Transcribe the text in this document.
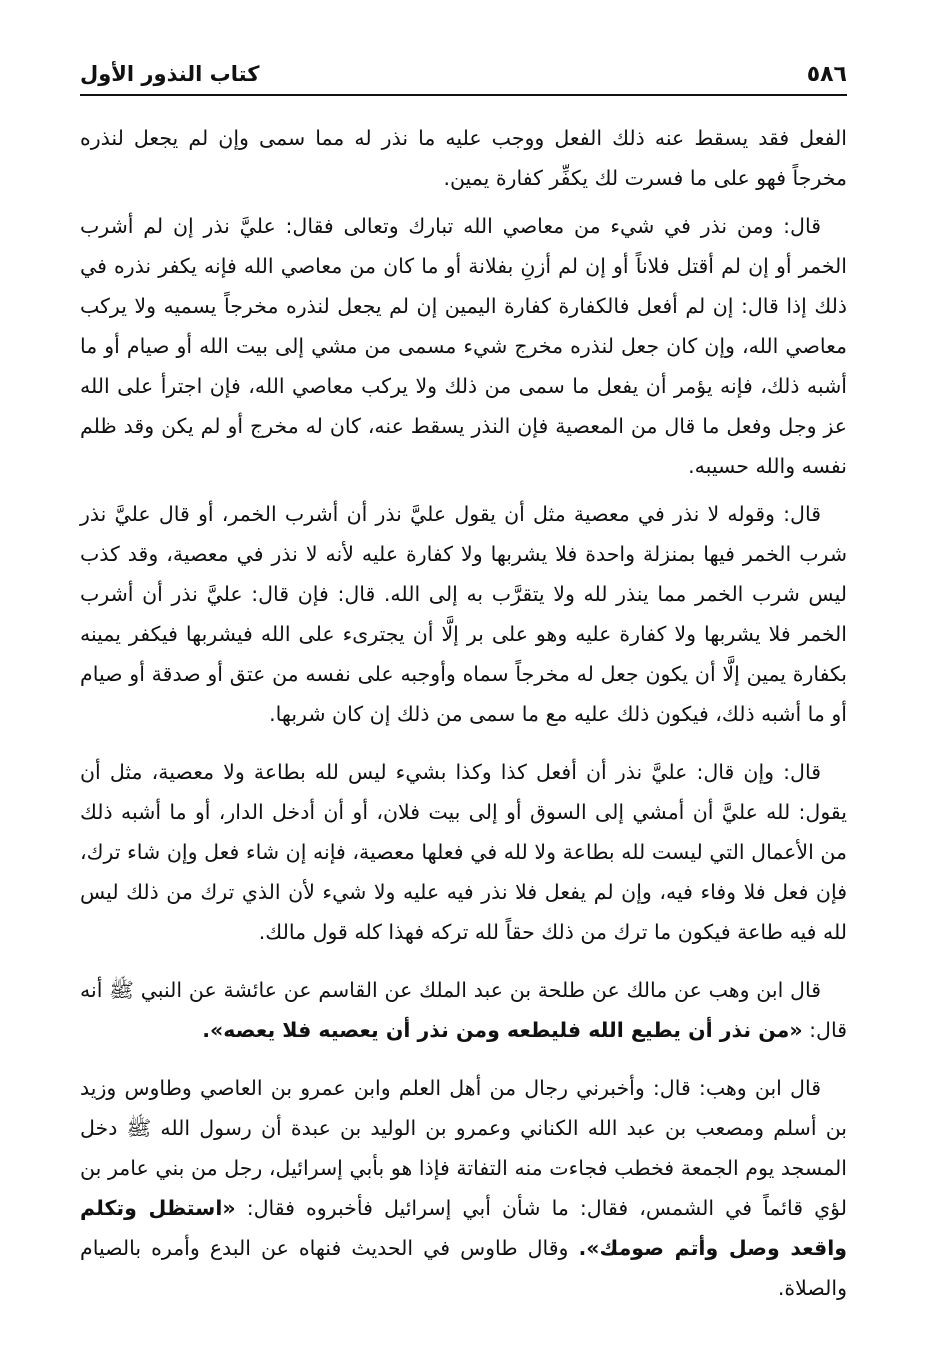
٥٨٦
كتاب النذور الأول

الفعل فقد يسقط عنه ذلك الفعل ووجب عليه ما نذر له مما سمى وإن لم يجعل لنذره مخرجاً فهو على ما فسرت لك يكفِّر كفارة يمين.

قال: ومن نذر في شيء من معاصي الله تبارك وتعالى فقال: عليَّ نذر إن لم أشرب الخمر أو إن لم أقتل فلاناً أو إن لم أزنِ بفلانة أو ما كان من معاصي الله فإنه يكفر نذره في ذلك إذا قال: إن لم أفعل فالكفارة كفارة اليمين إن لم يجعل لنذره مخرجاً يسميه ولا يركب معاصي الله، وإن كان جعل لنذره مخرج شيء مسمى من مشي إلى بيت الله أو صيام أو ما أشبه ذلك، فإنه يؤمر أن يفعل ما سمى من ذلك ولا يركب معاصي الله، فإن اجترأ على الله عز وجل وفعل ما قال من المعصية فإن النذر يسقط عنه، كان له مخرج أو لم يكن وقد ظلم نفسه والله حسيبه.

قال: وقوله لا نذر في معصية مثل أن يقول عليَّ نذر أن أشرب الخمر، أو قال عليَّ نذر شرب الخمر فيها بمنزلة واحدة فلا يشربها ولا كفارة عليه لأنه لا نذر في معصية، وقد كذب ليس شرب الخمر مما ينذر لله ولا يتقرَّب به إلى الله. قال: فإن قال: عليَّ نذر أن أشرب الخمر فلا يشربها ولا كفارة عليه وهو على بر إلَّا أن يجترىء على الله فيشربها فيكفر يمينه بكفارة يمين إلَّا أن يكون جعل له مخرجاً سماه وأوجبه على نفسه من عتق أو صدقة أو صيام أو ما أشبه ذلك، فيكون ذلك عليه مع ما سمى من ذلك إن كان شربها.

قال: وإن قال: عليَّ نذر أن أفعل كذا وكذا بشيء ليس لله بطاعة ولا معصية، مثل أن يقول: لله عليَّ أن أمشي إلى السوق أو إلى بيت فلان، أو أن أدخل الدار، أو ما أشبه ذلك من الأعمال التي ليست لله بطاعة ولا لله في فعلها معصية، فإنه إن شاء فعل وإن شاء ترك، فإن فعل فلا وفاء فيه، وإن لم يفعل فلا نذر فيه عليه ولا شيء لأن الذي ترك من ذلك ليس لله فيه طاعة فيكون ما ترك من ذلك حقاً لله تركه فهذا كله قول مالك.

قال ابن وهب عن مالك عن طلحة بن عبد الملك عن القاسم عن عائشة عن النبي ﷺ أنه قال: «من نذر أن يطيع الله فليطعه ومن نذر أن يعصيه فلا يعصه».

قال ابن وهب: قال: وأخبرني رجال من أهل العلم وابن عمرو بن العاصي وطاوس وزيد بن أسلم ومصعب بن عبد الله الكناني وعمرو بن الوليد بن عبدة أن رسول الله ﷺ دخل المسجد يوم الجمعة فخطب فجاءت منه التفاتة فإذا هو بأبي إسرائيل، رجل من بني عامر بن لؤي قائماً في الشمس، فقال: ما شأن أبي إسرائيل فأخبروه فقال: «استظل وتكلم واقعد وصل وأتم صومك». وقال طاوس في الحديث فنهاه عن البدع وأمره بالصيام والصلاة.
